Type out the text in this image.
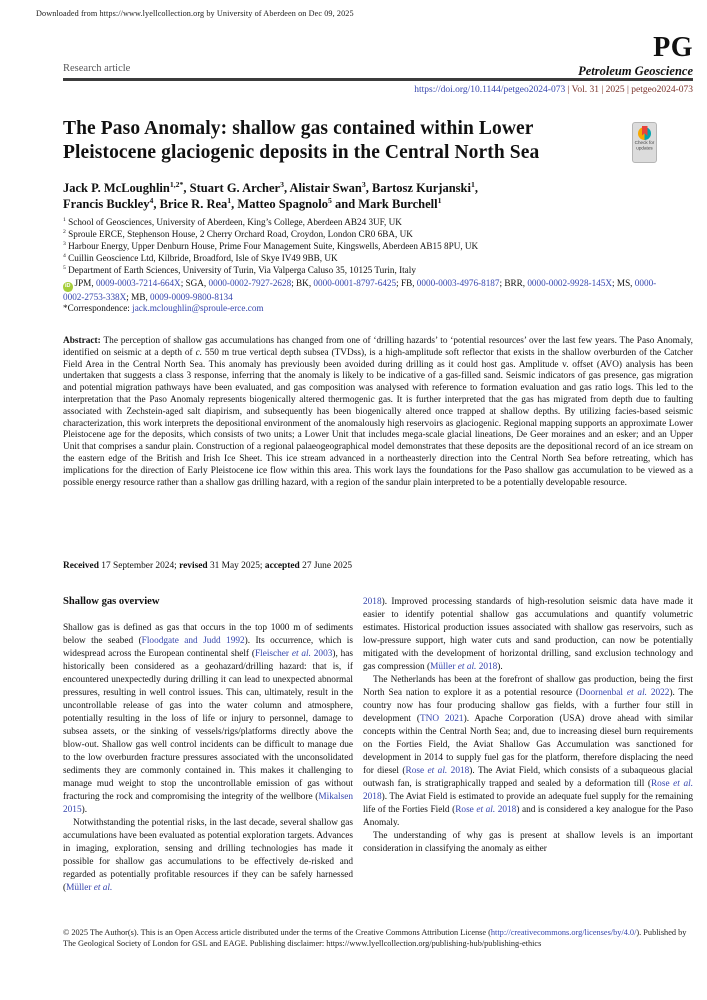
Downloaded from https://www.lyellcollection.org by University of Aberdeen on Dec 09, 2025
Research article
PG
Petroleum Geoscience
https://doi.org/10.1144/petgeo2024-073 | Vol. 31 | 2025 | petgeo2024-073
The Paso Anomaly: shallow gas contained within Lower Pleistocene glaciogenic deposits in the Central North Sea	Check for
updates
Jack P. McLoughlin$^{1,2*}$, Stuart G. Archer$^3$, Alistair Swan$^3$, Bartosz Kurjanski$^1$,
Francis Buckley$^4$, Brice R. Rea$^1$, Matteo Spagnolo$^5$ and Mark Burchell$^1$
$^1$ School of Geosciences, University of Aberdeen, King’s College, Aberdeen AB24 3UF, UK
$^2$ Sproule ERCE, Stephenson House, 2 Cherry Orchard Road, Croydon, London CR0 6BA, UK
$^3$ Harbour Energy, Upper Denburn House, Prime Four Management Suite, Kingswells, Aberdeen AB15 8PU, UK
$^4$ Cuillin Geoscience Ltd, Kilbride, Broadford, Isle of Skye IV49 9BB, UK
$^5$ Department of Earth Sciences, University of Turin, Via Valperga Caluso 35, 10125 Turin, Italy
iD JPM, 0009-0003-7214-664X; SGA, 0000-0002-7927-2628; BK, 0000-0001-8797-6425; FB, 0000-0003-4976-8187; BRR, 0000-0002-9928-145X; MS, 0000-0002-2753-338X; MB, 0009-0009-9800-8134
*Correspondence: jack.mcloughlin@sproule-erce.com
Abstract: The perception of shallow gas accumulations has changed from one of ‘drilling hazards’ to ‘potential resources’ over the last few years. The Paso Anomaly, identified on seismic at a depth of c. 550 m true vertical depth subsea (TVDss), is a high-amplitude soft reflector that exists in the shallow overburden of the Catcher Field Area in the Central North Sea. This anomaly has previously been avoided during drilling as it could host gas. Amplitude v. offset (AVO) analysis has been undertaken that suggests a class 3 response, inferring that the anomaly is likely to be indicative of a gas-filled sand. Seismic indicators of gas presence, gas migration and potential migration pathways have been evaluated, and gas composition was analysed with reference to formation evaluation and gas ratio logs. This led to the interpretation that the Paso Anomaly represents biogenically altered thermogenic gas. It is further interpreted that the gas has migrated from depth due to faulting associated with Zechstein-aged salt diapirism, and subsequently has been biogenically altered once trapped at shallow depths. By utilizing facies-based seismic characterization, this work interprets the depositional environment of the anomalously high reservoirs as glaciogenic. Regional mapping supports an approximate Lower Pleistocene age for the deposits, which consists of two units; a Lower Unit that includes mega-scale glacial lineations, De Geer moraines and an esker; and an Upper Unit that comprises a sandur plain. Construction of a regional palaeogeographical model demonstrates that these deposits are the depositional record of an ice stream on the eastern edge of the British and Irish Ice Sheet. This ice stream advanced in a northeasterly direction into the Central North Sea before retreating, which has implications for the direction of Early Pleistocene ice flow within this area. This work lays the foundations for the Paso shallow gas accumulation to be viewed as a possible energy resource rather than a shallow gas drilling hazard, with a region of the sandur plain interpreted to be a potentially developable resource.
Received 17 September 2024; revised 31 May 2025; accepted 27 June 2025
Shallow gas overview

Shallow gas is defined as gas that occurs in the top 1000 m of sediments below the seabed (Floodgate and Judd 1992). Its occurrence, which is widespread across the European continental shelf (Fleischer et al. 2003), has historically been considered as a geohazard/drilling hazard: that is, if encountered unexpectedly during drilling it can lead to unexpected abnormal pressures, resulting in well control issues. This can, ultimately, result in the uncontrollable release of gas into the water column and atmosphere, potentially resulting in the loss of life or injury to personnel, damage to subsea assets, or the sinking of vessels/rigs/platforms directly above the blow-out. Shallow gas well control incidents can be difficult to manage due to the low overburden fracture pressures associated with the unconsolidated sediments they are commonly contained in. This makes it challenging to manage mud weight to stop the uncontrollable emission of gas without fracturing the rock and compromising the integrity of the wellbore (Mikalsen 2015).

Notwithstanding the potential risks, in the last decade, several shallow gas accumulations have been evaluated as potential exploration targets. Advances in imaging, exploration, sensing and drilling technologies has made it possible for shallow gas accumulations to be effectively de-risked and regarded as potentially profitable resources if they can be safely harnessed (Müller et al.

2018). Improved processing standards of high-resolution seismic data have made it easier to identify potential shallow gas accumulations and quantify volumetric estimates. Historical production issues associated with shallow gas reservoirs, such as low-pressure support, high water cuts and sand production, can now be potentially mitigated with the development of horizontal drilling, sand exclusion technology and gas compression (Müller et al. 2018).

The Netherlands has been at the forefront of shallow gas production, being the first North Sea nation to explore it as a potential resource (Doornenbal et al. 2022). The country now has four producing shallow gas fields, with a further four still in development (TNO 2021). Apache Corporation (USA) drove ahead with similar concepts within the Central North Sea; and, due to increasing diesel burn requirements on the Forties Field, the Aviat Shallow Gas Accumulation was sanctioned for development in 2014 to supply fuel gas for the platform, therefore displacing the need for diesel (Rose et al. 2018). The Aviat Field, which consists of a subaqueous glacial outwash fan, is stratigraphically trapped and sealed by a deformation till (Rose et al. 2018). The Aviat Field is estimated to provide an adequate fuel supply for the remaining life of the Forties Field (Rose et al. 2018) and is considered a key analogue for the Paso Anomaly.

The understanding of why gas is present at shallow levels is an important consideration in classifying the anomaly as either

© 2025 The Author(s). This is an Open Access article distributed under the terms of the Creative Commons Attribution License (http://creativecommons.org/licenses/by/4.0/). Published by The Geological Society of London for GSL and EAGE. Publishing disclaimer: https://www.lyellcollection.org/publishing-hub/publishing-ethics
